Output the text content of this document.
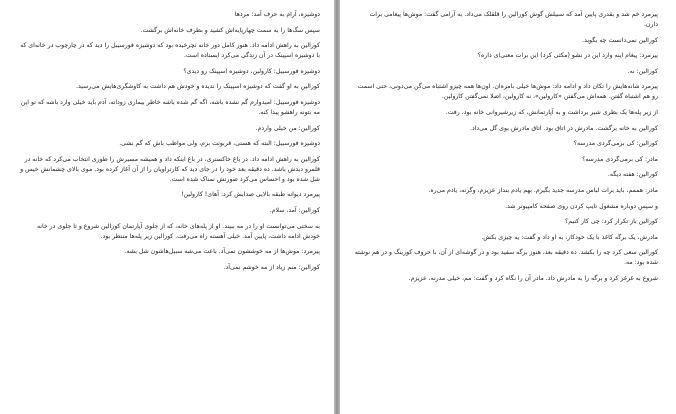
دوشیزه، آرام به حرف آمد: مردها

سپس سگ‌ها را به سمت چهارپایه‌اش کشید و بطرف خانه‌اش برگشت.

کورالین به راهش ادامه داد. هنوز کامل دور خانه نچرخیده بود که دوشیزه فورسیبل را دید که در چارچوب در خانه‌ای که با دوشیزه اسپینک در آن زندگی می‌کرد ایستاده است.

دوشیزه فورسیبل: کارولین، دوشیزه اسپینک رو دیدی؟

کورالین به او گفت که دوشیزه اسپینک را ندیده و خودش هم داشت به کاوشگری‌هایش می‌رسید.

دوشیزه فورسیبل: امیدوارم گم نشده باشه، اگه گم شده باشه خاطر بیماری زودانه، آدم باید خیلی وارد باشه که تو این مه بتونه راهشو پیدا کنه.

کورالین: من خیلی واردم.

دوشیزه فورسیبل: البته که هستی، قربونت برم، ولی مواظب باش که گم نشی.

کورالین به راهش ادامه داد. در باغ خاکستری، در باغ اینکه داد و همیشه مسیرش را طوری انتخاب می‌کرد که خانه در قلمرو دیدش باشد. ده دقیقه بعد خود را در جای دید که کارتراویان را از آن آغاز کرده بود. موی بالای چشمانش خیس و شل شده بود و احساس می‌کرد صورتش نمناک شده است.

پیرمرد دیوانه طبقه بالایی صدایش کرد: آهای! کارولین!

کورالین: آمد، سلام.

به سختی می‌توانست او را در مه ببیند. او از پله‌های خانه، که از جلوی آپارتمان کورالین شروع و تا جلوی در خانه خودش ادامه داشت، پایین آمد. خیلی آهسته راه می‌رفت. کورالین زیر پله‌ها منتظر بود.

پیرمرد: موش‌ها از مه خوششون نمی‌آد. باعث می‌شه سبیل‌هاشون شل بشه.

کورالین: منم زیاد از مه خوشم نمی‌آد.

پیرمرد خم شد و بقدری پایین آمد که سبیلش گوش کورالین را قلقلک می‌داد. به آرامی گفت: موش‌ها پیغامی برات دارن.

کورالین نمی‌دانست چه بگوید.

پیرمرد: پیغام اینه وارد این در نشو (مکثی کرد) این برات معنی‌ای داره؟

کورالین: نه.

پیرمرد شانه‌هایش را تکان داد و ادامه داد: موش‌ها خیلی بامزه‌ان. اون‌ها همه چیزو اشتباه می‌گن می‌دونی، حتی اسمت رو هم اشتباه گفتن. همه‌اش می‌گفتن «کارولین»، نه کارولین، اصلا نمی‌گفتن کارولین.

از زیر پله‌ها یک بطری شیر برداشت و به آپارتمانش، که زیرشیروانی خانه بود، رفت.

کورالین به خانه برگشت. مادرش در اتاق بود. اتاق مادرش بوی گل می‌داد.

کورالین: کی برمی‌گردی مدرسه؟

مادر: کی برمی‌گردی مدرسه؟

کورالین: هفته دیگه.

مادر: هممم، باید برات لباس مدرسه جدید بگیرم. بهم یادم بنداز عزیزم، وگرنه، یادم می‌ره.

و سپس دوباره مشغول تایپ کردن روی صفحه کامپیوتر شد.

کورالین باز تکرار کرد: چی کار کنیم؟

مادرش، یک برگه کاغذ با یک خودکار، به او داد و گفت: یه چیزی بکش.

کورالین سعی کرد چه را بکشد. ده دقیقه بعد، هنوز برگه سفید بود و در گوشه‌ای از آن، با حروف کورینگ و در هم نوشته شده بود: مه.

شروع به غرغر کرد و برگه را به مادرش داد. مادر آن را نگاه کرد و گفت: مم، خیلی مدرنه، عزیزم.
